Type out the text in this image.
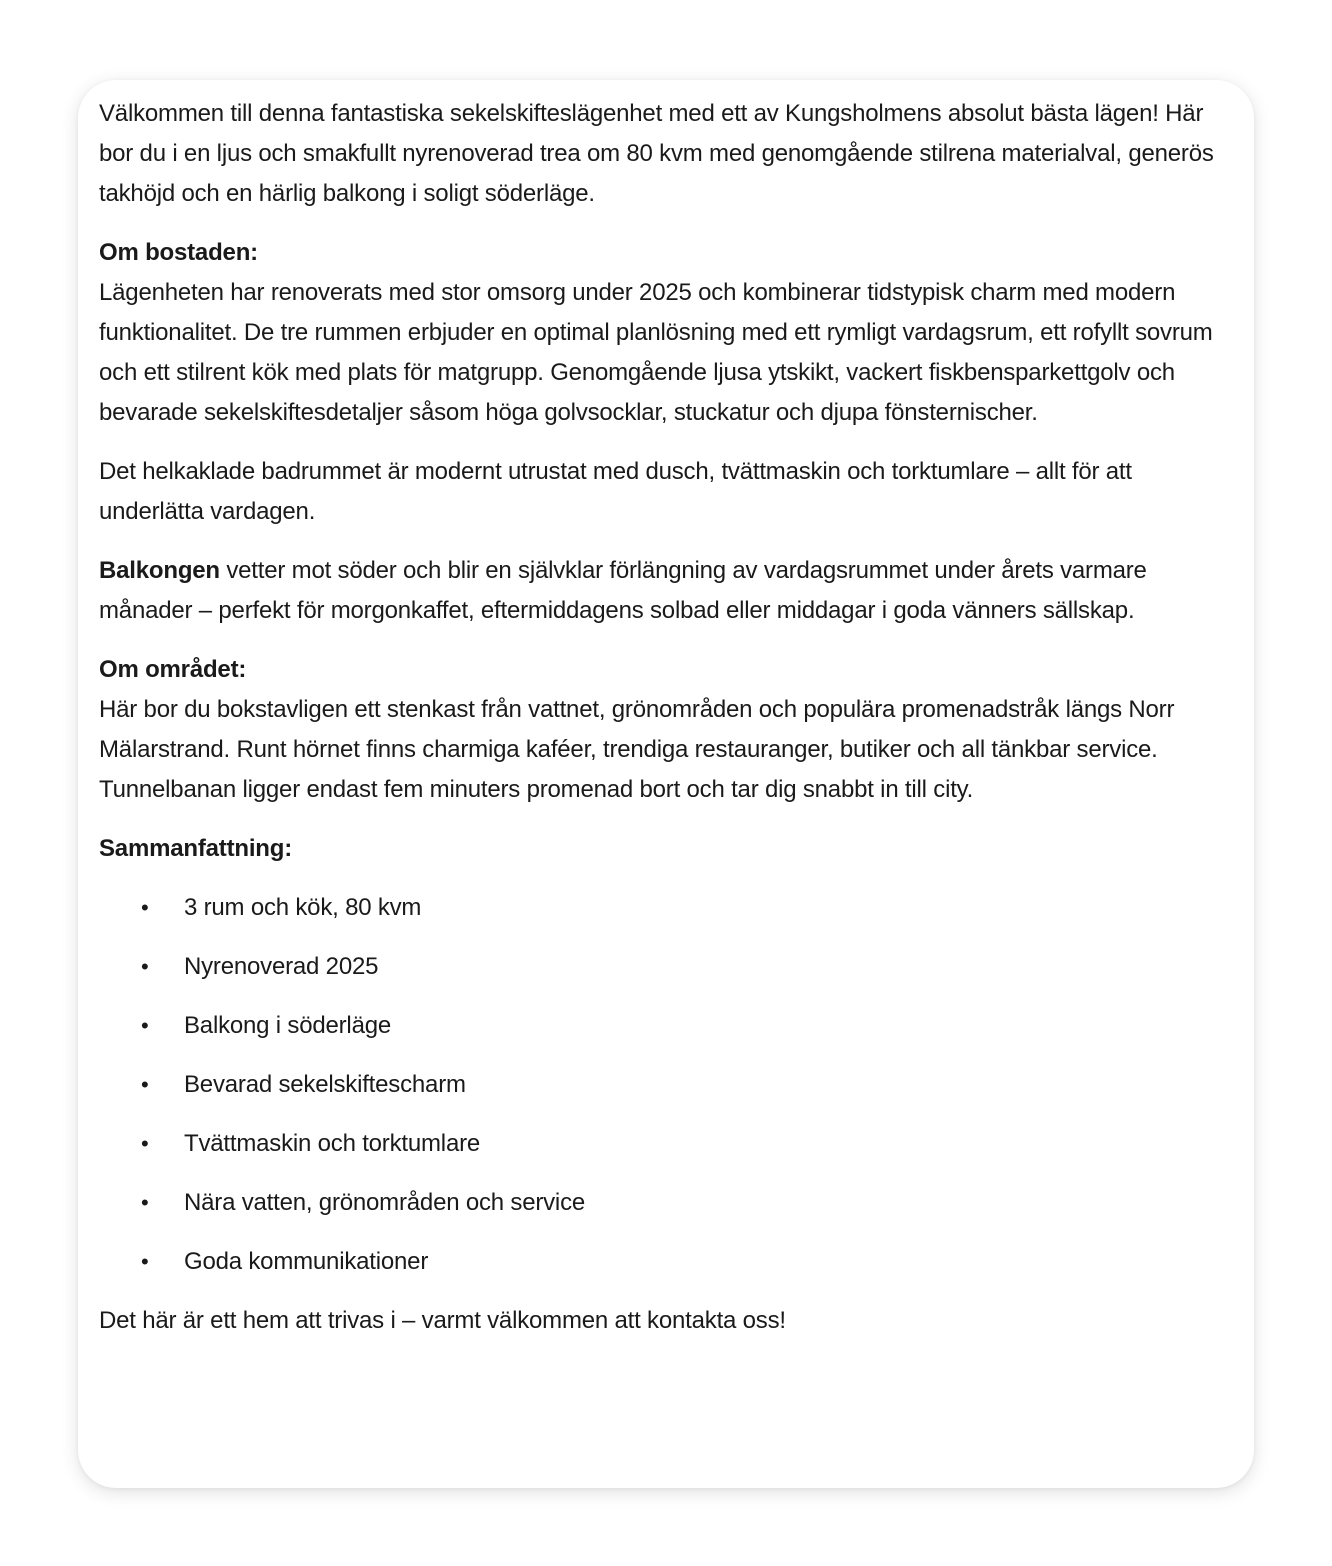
Välkommen till denna fantastiska sekelskifteslägenhet med ett av Kungsholmens absolut bästa lägen! Här bor du i en ljus och smakfullt nyrenoverad trea om 80 kvm med genomgående stilrena materialval, generös takhöjd och en härlig balkong i soligt söderläge.

Om bostaden:
Lägenheten har renoverats med stor omsorg under 2025 och kombinerar tidstypisk charm med modern funktionalitet. De tre rummen erbjuder en optimal planlösning med ett rymligt vardagsrum, ett rofyllt sovrum och ett stilrent kök med plats för matgrupp. Genomgående ljusa ytskikt, vackert fiskbensparkettgolv och bevarade sekelskiftesdetaljer såsom höga golvsocklar, stuckatur och djupa fönsternischer.

Det helkaklade badrummet är modernt utrustat med dusch, tvättmaskin och torktumlare – allt för att underlätta vardagen.

Balkongen vetter mot söder och blir en självklar förlängning av vardagsrummet under årets varmare månader – perfekt för morgonkaffet, eftermiddagens solbad eller middagar i goda vänners sällskap.

Om området:
Här bor du bokstavligen ett stenkast från vattnet, grönområden och populära promenadstråk längs Norr Mälarstrand. Runt hörnet finns charmiga kaféer, trendiga restauranger, butiker och all tänkbar service. Tunnelbanan ligger endast fem minuters promenad bort och tar dig snabbt in till city.

Sammanfattning:

• 3 rum och kök, 80 kvm
• Nyrenoverad 2025
• Balkong i söderläge
• Bevarad sekelskiftescharm
• Tvättmaskin och torktumlare
• Nära vatten, grönområden och service
• Goda kommunikationer

Det här är ett hem att trivas i – varmt välkommen att kontakta oss!
